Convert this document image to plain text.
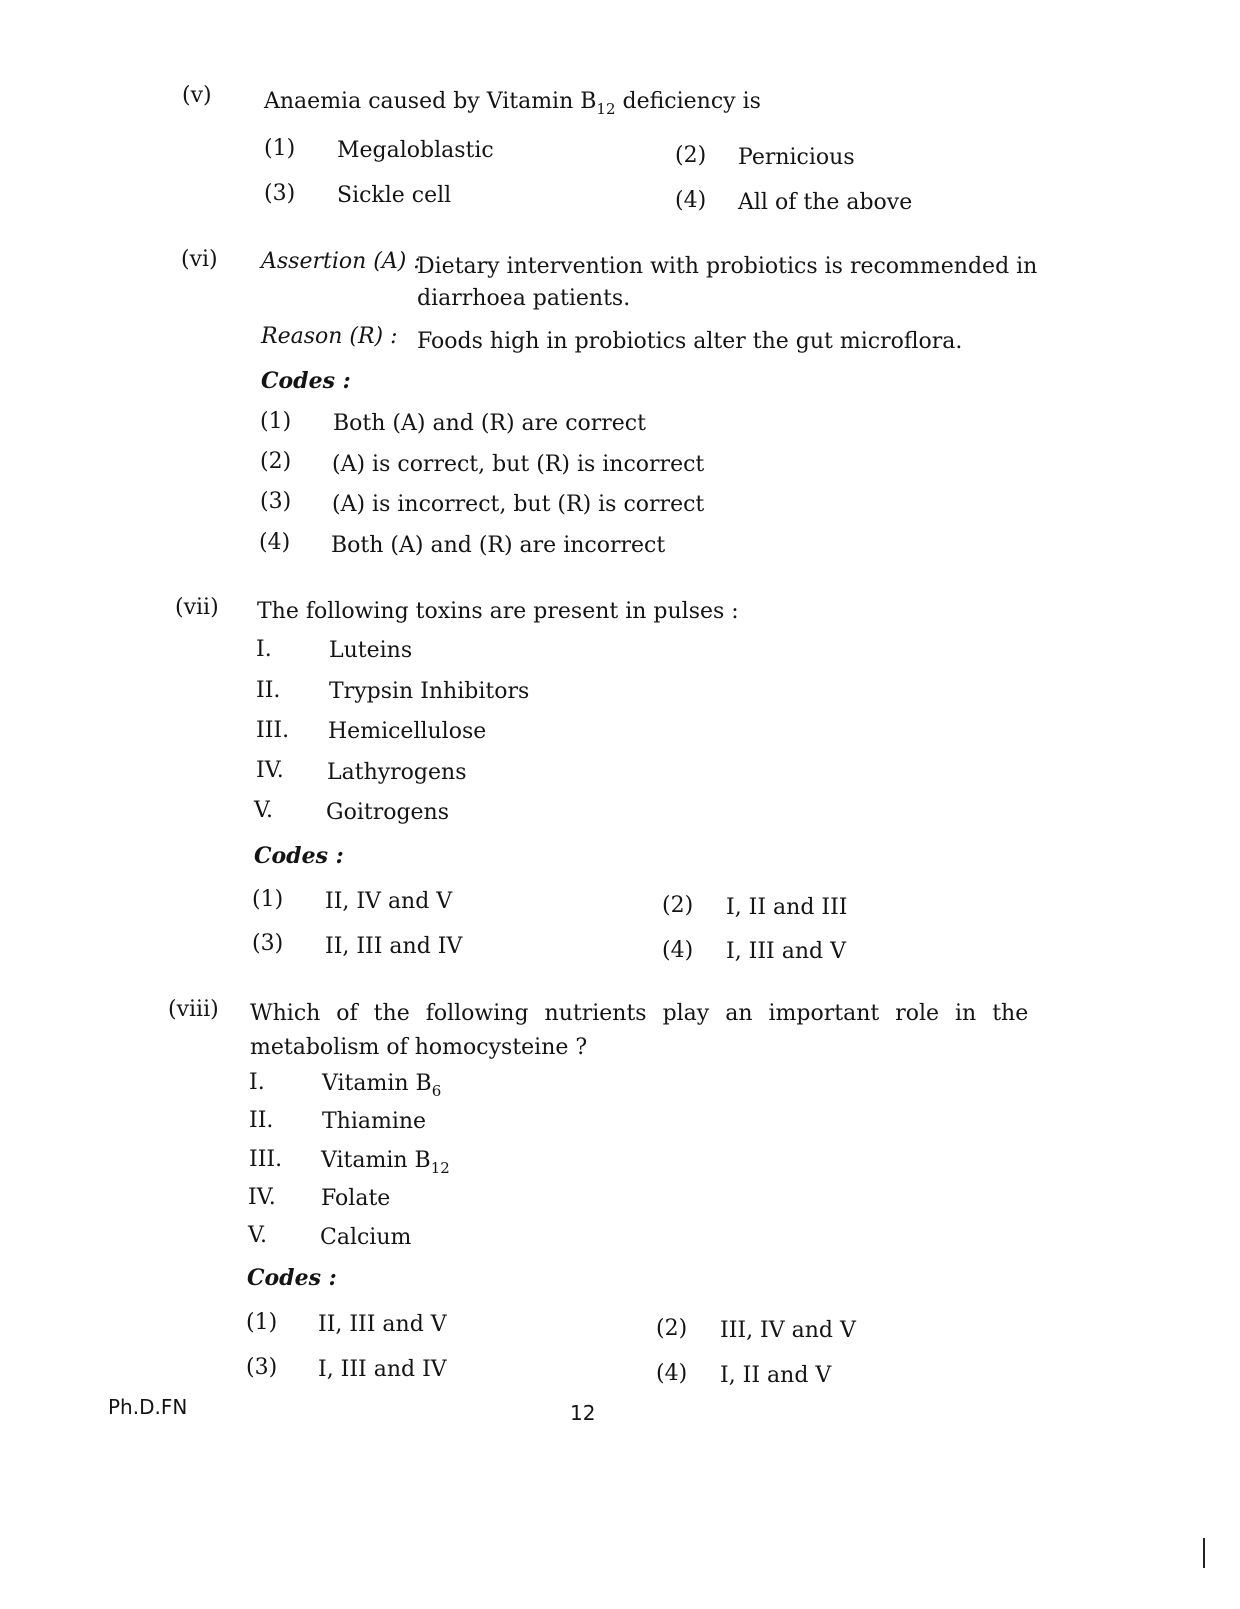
(v) Anaemia caused by Vitamin $B_{12}$ deficiency is
(1) Megaloblastic	(2) Pernicious
(3) Sickle cell	(4) All of the above
(vi) Assertion (A) :
Dietary intervention with probiotics is recommended in
diarrhoea patients.
Reason (R) : Foods high in probiotics alter the gut microflora.
Codes :
(1) Both (A) and (R) are correct
(2) (A) is correct, but (R) is incorrect
(3) (A) is incorrect, but (R) is correct
(4) Both (A) and (R) are incorrect
(vii) The following toxins are present in pulses :
I.	Luteins
II. Trypsin Inhibitors
III. Hemicellulose
IV. Lathyrogens
V. Goitrogens
Codes :
(1) II, IV and V	(2) I, II and III
(3) II, III and IV	(4) I, III and V
(viii) Which of the following nutrients play an important role in the
metabolism of homocysteine ?
I.	Vitamin $B_6$
II. Thiamine
III. Vitamin $B_{12}$
IV. Folate
V. Calcium
Codes :
(1) II, III and V	(2) III, IV and V
(3) I, III and IV	(4) I, II and V
Ph.D.FN	12
